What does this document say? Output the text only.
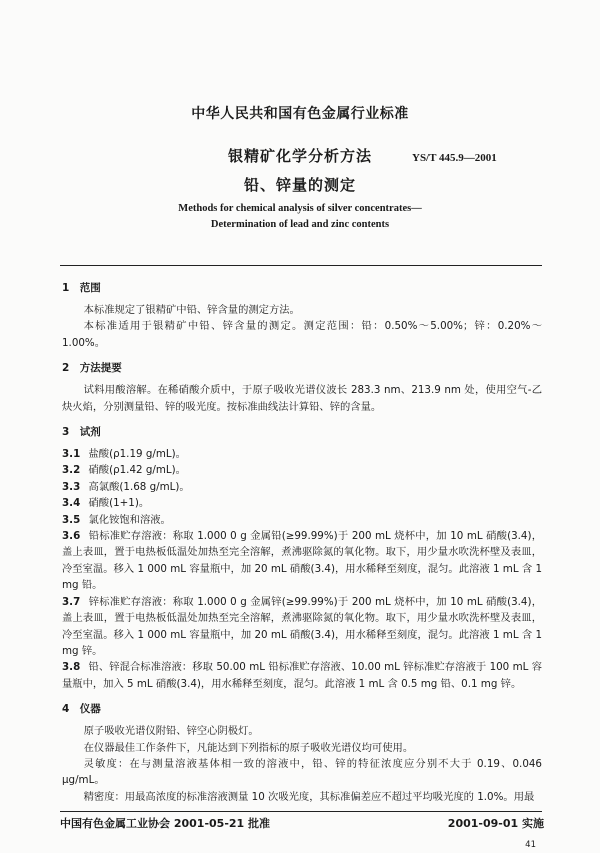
中华人民共和国有色金属行业标准
银精矿化学分析方法
铅、锌量的测定
YS/T 445.9—2001
Methods for chemical analysis of silver concentrates—
Determination of lead and zinc contents
1　范围

本标准规定了银精矿中铅、锌含量的测定方法。

本标准适用于银精矿中铅、锌含量的测定。测定范围：铅：0.50%～5.00%；锌：0.20%～1.00%。

2　方法提要

试料用酸溶解。在稀硝酸介质中，于原子吸收光谱仪波长 283.3 nm、213.9 nm 处，使用空气-乙炔火焰，分别测量铅、锌的吸光度。按标准曲线法计算铅、锌的含量。

3　试剂
3.1 盐酸(ρ1.19 g/mL)。
3.2 硝酸(ρ1.42 g/mL)。
3.3 高氯酸(1.68 g/mL)。
3.4 硝酸(1+1)。
3.5 氯化铵饱和溶液。
3.6 铅标准贮存溶液：称取 1.000 0 g 金属铅(≥99.99%)于 200 mL 烧杯中，加 10 mL 硝酸(3.4)，盖上表皿，置于电热板低温处加热至完全溶解，煮沸驱除氮的氧化物。取下，用少量水吹洗杯壁及表皿，冷至室温。移入 1 000 mL 容量瓶中，加 20 mL 硝酸(3.4)，用水稀释至刻度，混匀。此溶液 1 mL 含 1 mg 铅。
3.7 锌标准贮存溶液：称取 1.000 0 g 金属锌(≥99.99%)于 200 mL 烧杯中，加 10 mL 硝酸(3.4)，盖上表皿，置于电热板低温处加热至完全溶解，煮沸驱除氮的氧化物。取下，用少量水吹洗杯壁及表皿，冷至室温。移入 1 000 mL 容量瓶中，加 20 mL 硝酸(3.4)，用水稀释至刻度，混匀。此溶液 1 mL 含 1 mg 锌。
3.8 铅、锌混合标准溶液：移取 50.00 mL 铅标准贮存溶液、10.00 mL 锌标准贮存溶液于 100 mL 容量瓶中，加入 5 mL 硝酸(3.4)，用水稀释至刻度，混匀。此溶液 1 mL 含 0.5 mg 铅、0.1 mg 锌。
4　仪器

原子吸收光谱仪附铅、锌空心阴极灯。

在仪器最佳工作条件下，凡能达到下列指标的原子吸收光谱仪均可使用。

灵敏度：在与测量溶液基体相一致的溶液中，铅、锌的特征浓度应分别不大于 0.19、0.046 μg/mL。

精密度：用最高浓度的标准溶液测量 10 次吸光度，其标准偏差应不超过平均吸光度的 1.0%。用最

中国有色金属工业协会 2001-05-21 批准	2001-09-01 实施
41
